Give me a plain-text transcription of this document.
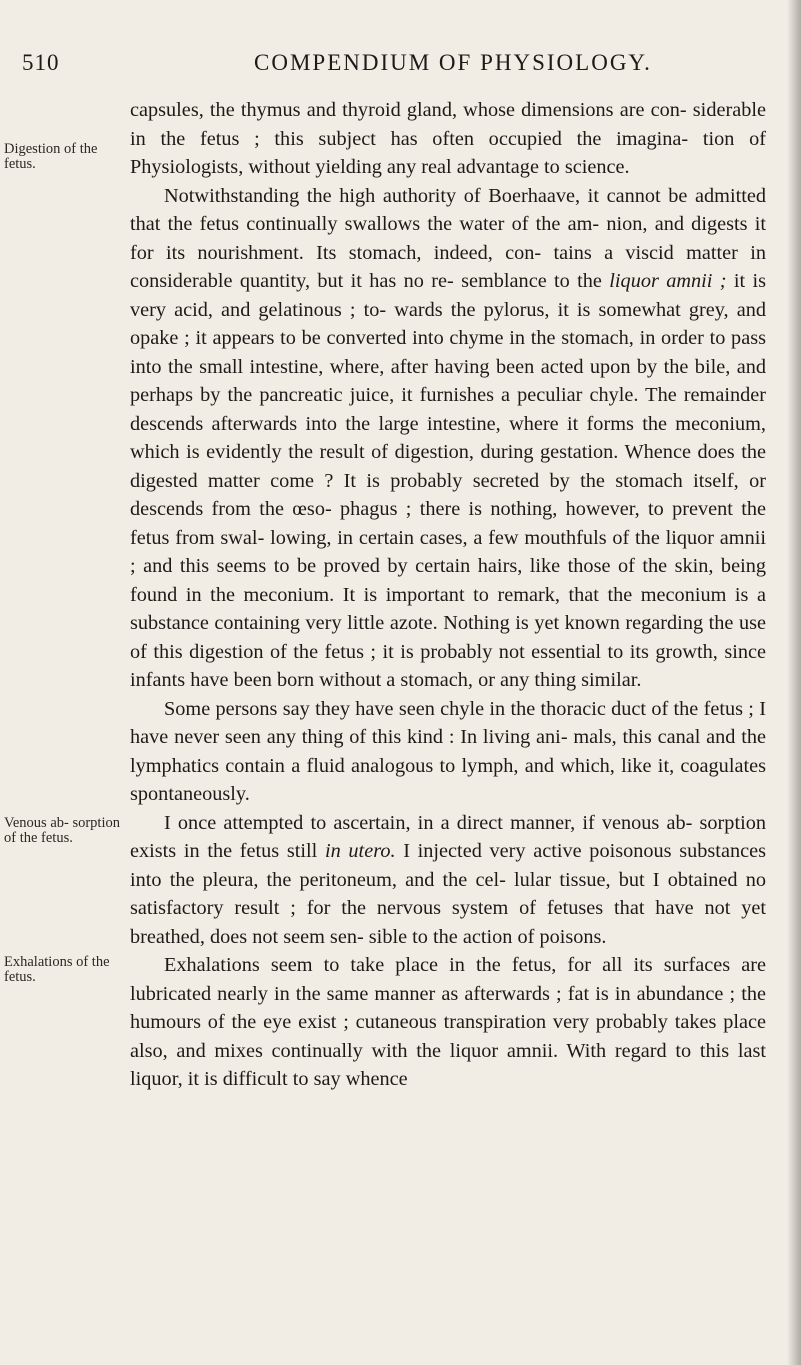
510	COMPENDIUM OF PHYSIOLOGY.
Digestion of the fetus.
Venous ab- sorption of the fetus.
Exhalations of the fetus.

capsules, the thymus and thyroid gland, whose dimensions are con- siderable in the fetus ; this subject has often occupied the imagina- tion of Physiologists, without yielding any real advantage to science.

Notwithstanding the high authority of Boerhaave, it cannot be admitted that the fetus continually swallows the water of the am- nion, and digests it for its nourishment. Its stomach, indeed, con- tains a viscid matter in considerable quantity, but it has no re- semblance to the liquor amnii ; it is very acid, and gelatinous ; to- wards the pylorus, it is somewhat grey, and opake ; it appears to be converted into chyme in the stomach, in order to pass into the small intestine, where, after having been acted upon by the bile, and perhaps by the pancreatic juice, it furnishes a peculiar chyle. The remainder descends afterwards into the large intestine, where it forms the meconium, which is evidently the result of digestion, during gestation. Whence does the digested matter come ? It is probably secreted by the stomach itself, or descends from the œso- phagus ; there is nothing, however, to prevent the fetus from swal- lowing, in certain cases, a few mouthfuls of the liquor amnii ; and this seems to be proved by certain hairs, like those of the skin, being found in the meconium. It is important to remark, that the meconium is a substance containing very little azote. Nothing is yet known regarding the use of this digestion of the fetus ; it is probably not essential to its growth, since infants have been born without a stomach, or any thing similar.

Some persons say they have seen chyle in the thoracic duct of the fetus ; I have never seen any thing of this kind : In living ani- mals, this canal and the lymphatics contain a fluid analogous to lymph, and which, like it, coagulates spontaneously.

I once attempted to ascertain, in a direct manner, if venous ab- sorption exists in the fetus still in utero. I injected very active poisonous substances into the pleura, the peritoneum, and the cel- lular tissue, but I obtained no satisfactory result ; for the nervous system of fetuses that have not yet breathed, does not seem sen- sible to the action of poisons.

Exhalations seem to take place in the fetus, for all its surfaces are lubricated nearly in the same manner as afterwards ; fat is in abundance ; the humours of the eye exist ; cutaneous transpiration very probably takes place also, and mixes continually with the liquor amnii. With regard to this last liquor, it is difficult to say whence
